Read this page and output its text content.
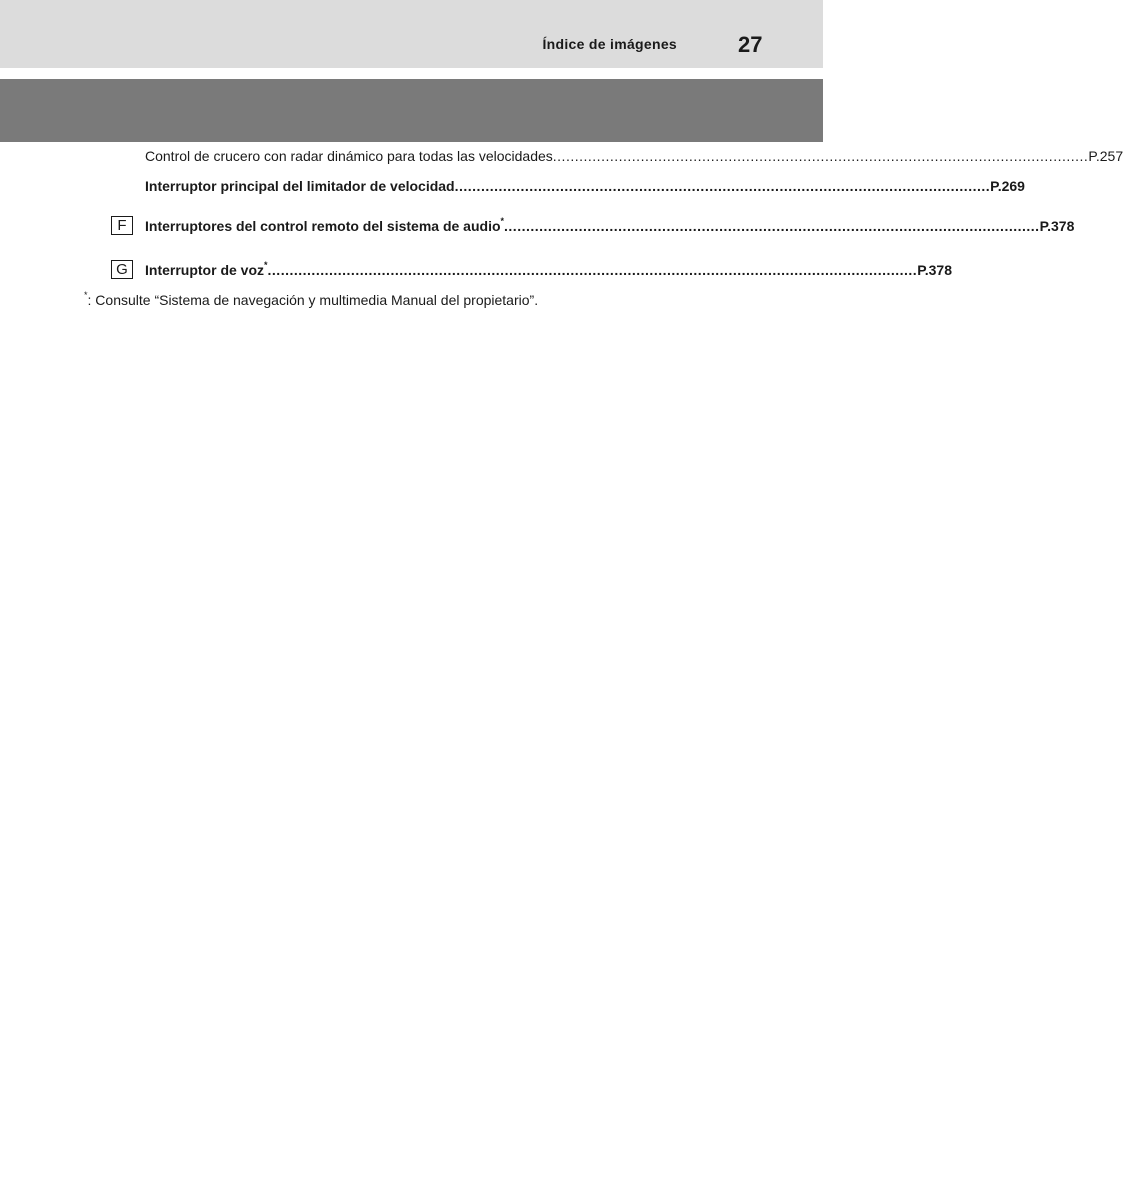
Índice de imágenes	27
Control de crucero con radar dinámico para todas las velocidades .......................................................................................................................... P.257
Interruptor principal del limitador de velocidad .......................................................................................................................... P.269
F	Interruptores del control remoto del sistema de audio* .......................................................................................................................... P.378
G	Interruptor de voz* .................................................................................................................................................... P.378
*: Consulte “Sistema de navegación y multimedia Manual del propietario”.
